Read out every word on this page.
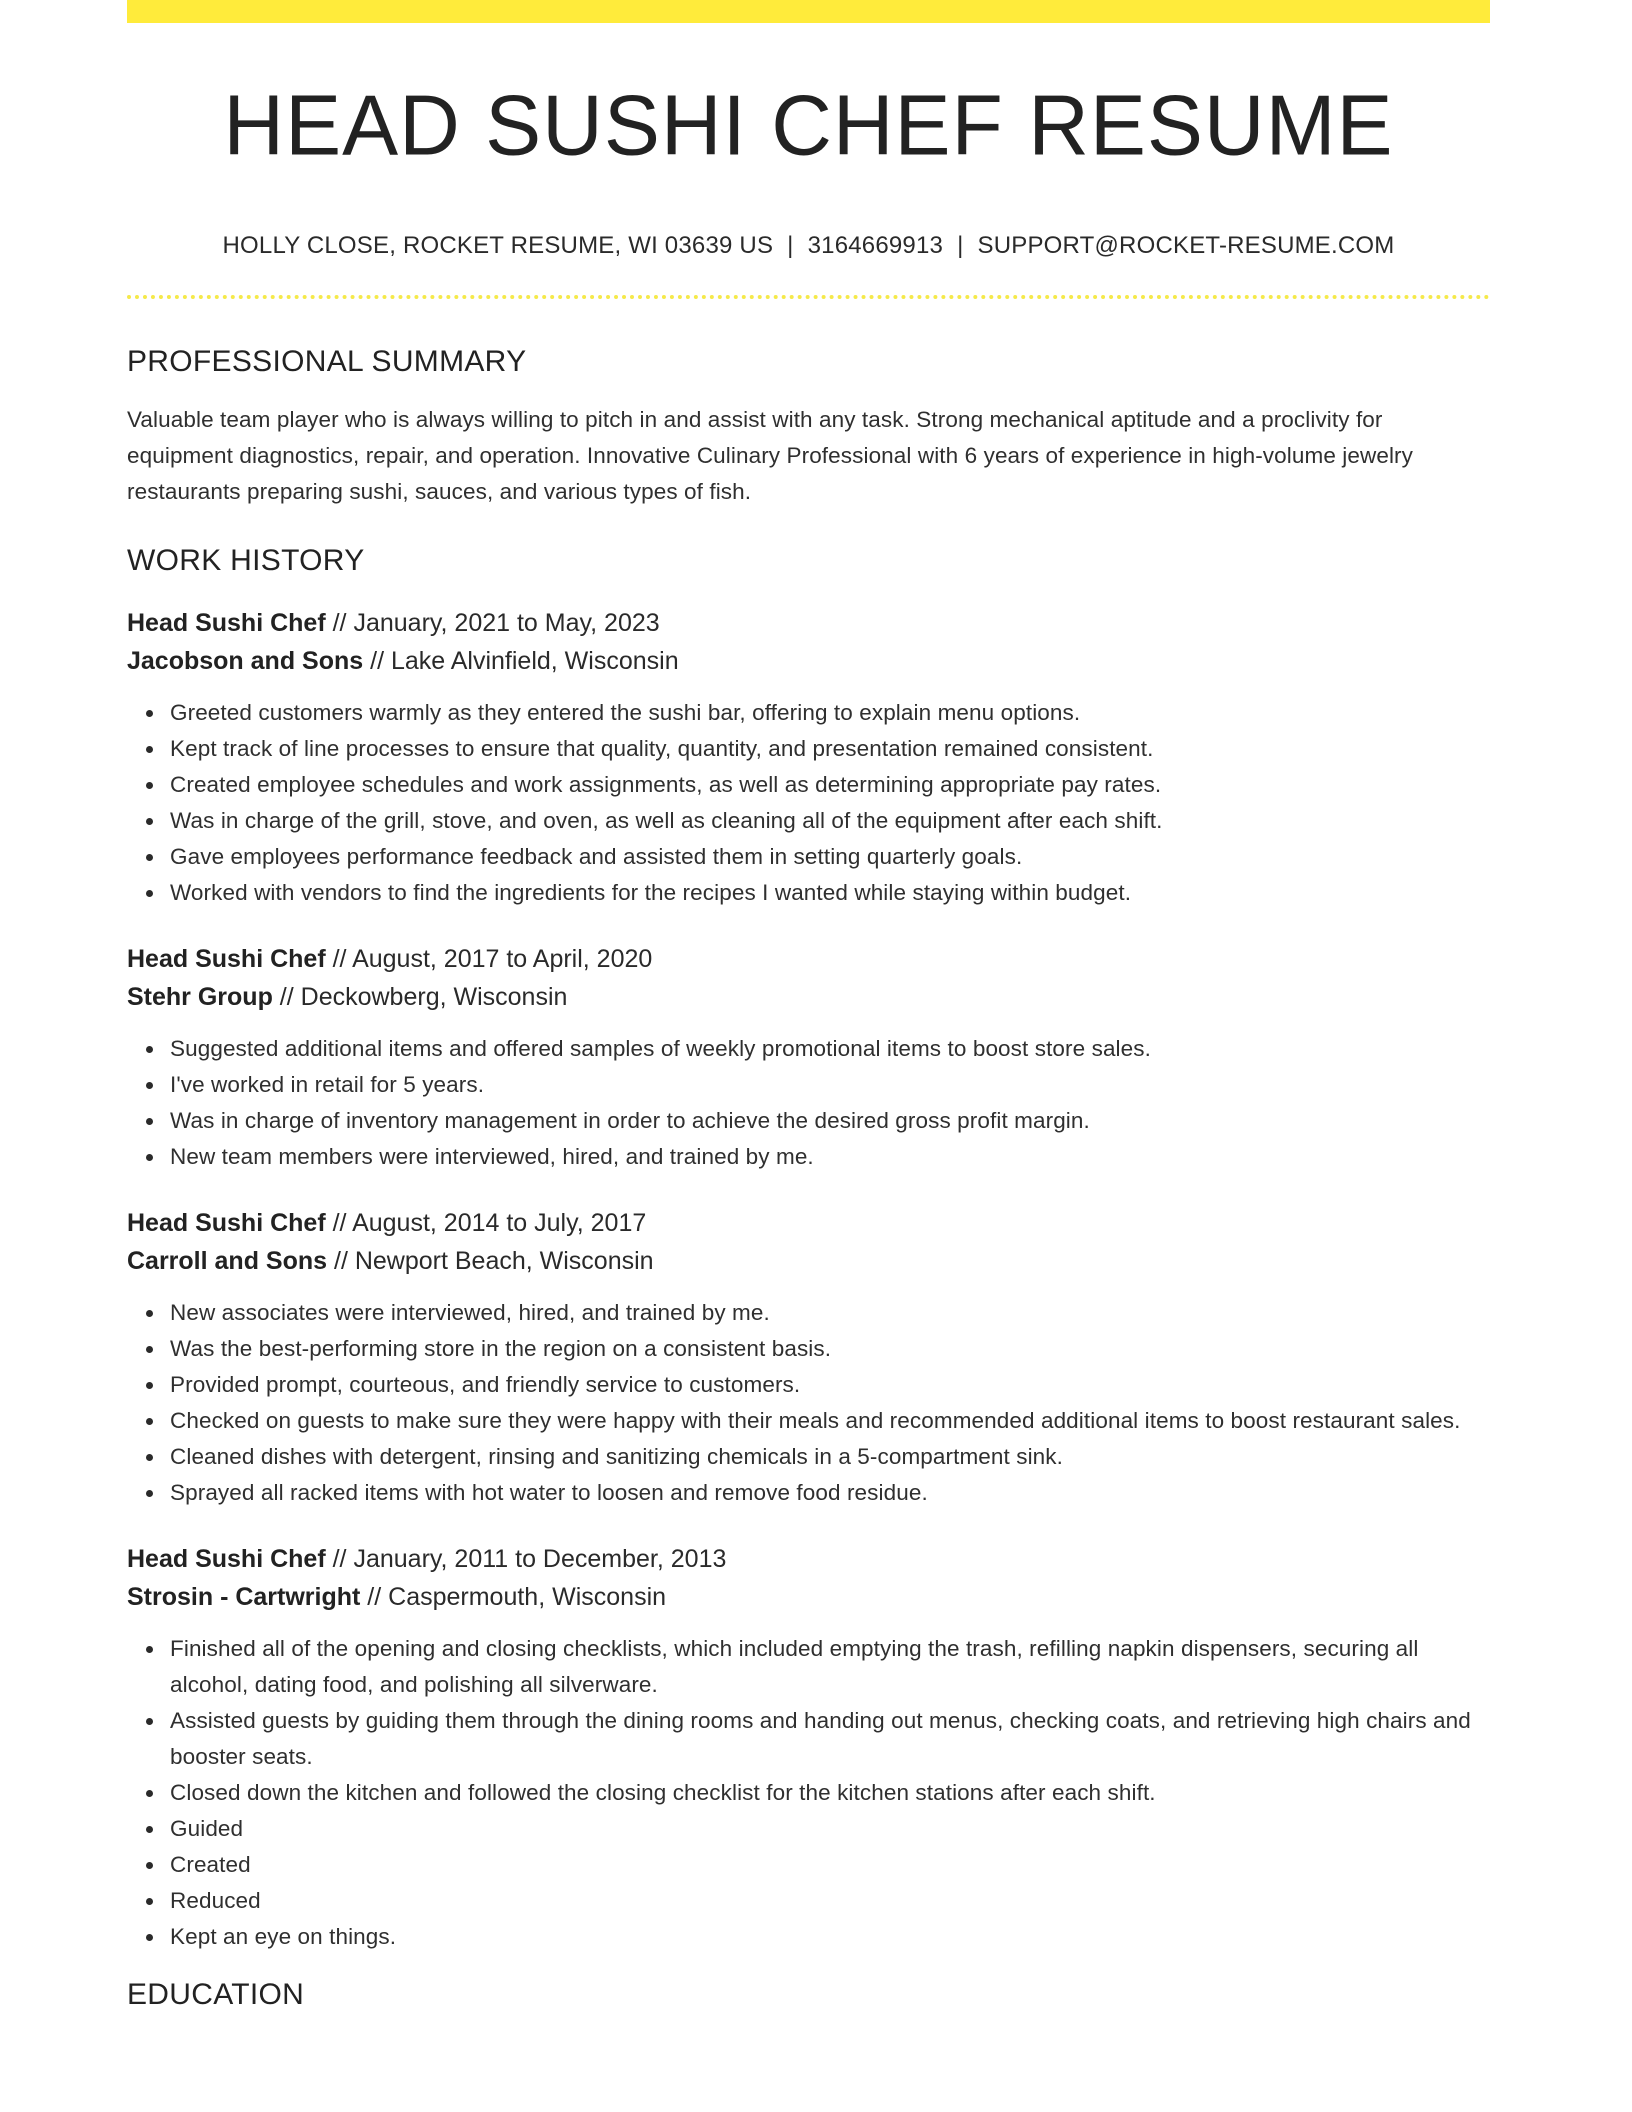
HEAD SUSHI CHEF RESUME
HOLLY CLOSE, ROCKET RESUME, WI 03639 US | 3164669913 | SUPPORT@ROCKET-RESUME.COM
PROFESSIONAL SUMMARY

Valuable team player who is always willing to pitch in and assist with any task. Strong mechanical aptitude and a proclivity for equipment diagnostics, repair, and operation. Innovative Culinary Professional with 6 years of experience in high-volume jewelry restaurants preparing sushi, sauces, and various types of fish.

WORK HISTORY
Head Sushi Chef // January, 2021 to May, 2023
Jacobson and Sons // Lake Alvinfield, Wisconsin
Greeted customers warmly as they entered the sushi bar, offering to explain menu options.
Kept track of line processes to ensure that quality, quantity, and presentation remained consistent.
Created employee schedules and work assignments, as well as determining appropriate pay rates.
Was in charge of the grill, stove, and oven, as well as cleaning all of the equipment after each shift.
Gave employees performance feedback and assisted them in setting quarterly goals.
Worked with vendors to find the ingredients for the recipes I wanted while staying within budget.
Head Sushi Chef // August, 2017 to April, 2020
Stehr Group // Deckowberg, Wisconsin
Suggested additional items and offered samples of weekly promotional items to boost store sales.
I've worked in retail for 5 years.
Was in charge of inventory management in order to achieve the desired gross profit margin.
New team members were interviewed, hired, and trained by me.
Head Sushi Chef // August, 2014 to July, 2017
Carroll and Sons // Newport Beach, Wisconsin
New associates were interviewed, hired, and trained by me.
Was the best-performing store in the region on a consistent basis.
Provided prompt, courteous, and friendly service to customers.
Checked on guests to make sure they were happy with their meals and recommended additional items to boost restaurant sales.
Cleaned dishes with detergent, rinsing and sanitizing chemicals in a 5-compartment sink.
Sprayed all racked items with hot water to loosen and remove food residue.
Head Sushi Chef // January, 2011 to December, 2013
Strosin - Cartwright // Caspermouth, Wisconsin
Finished all of the opening and closing checklists, which included emptying the trash, refilling napkin dispensers, securing all alcohol, dating food, and polishing all silverware.
Assisted guests by guiding them through the dining rooms and handing out menus, checking coats, and retrieving high chairs and booster seats.
Closed down the kitchen and followed the closing checklist for the kitchen stations after each shift.
Guided
Created
Reduced
Kept an eye on things.
EDUCATION
